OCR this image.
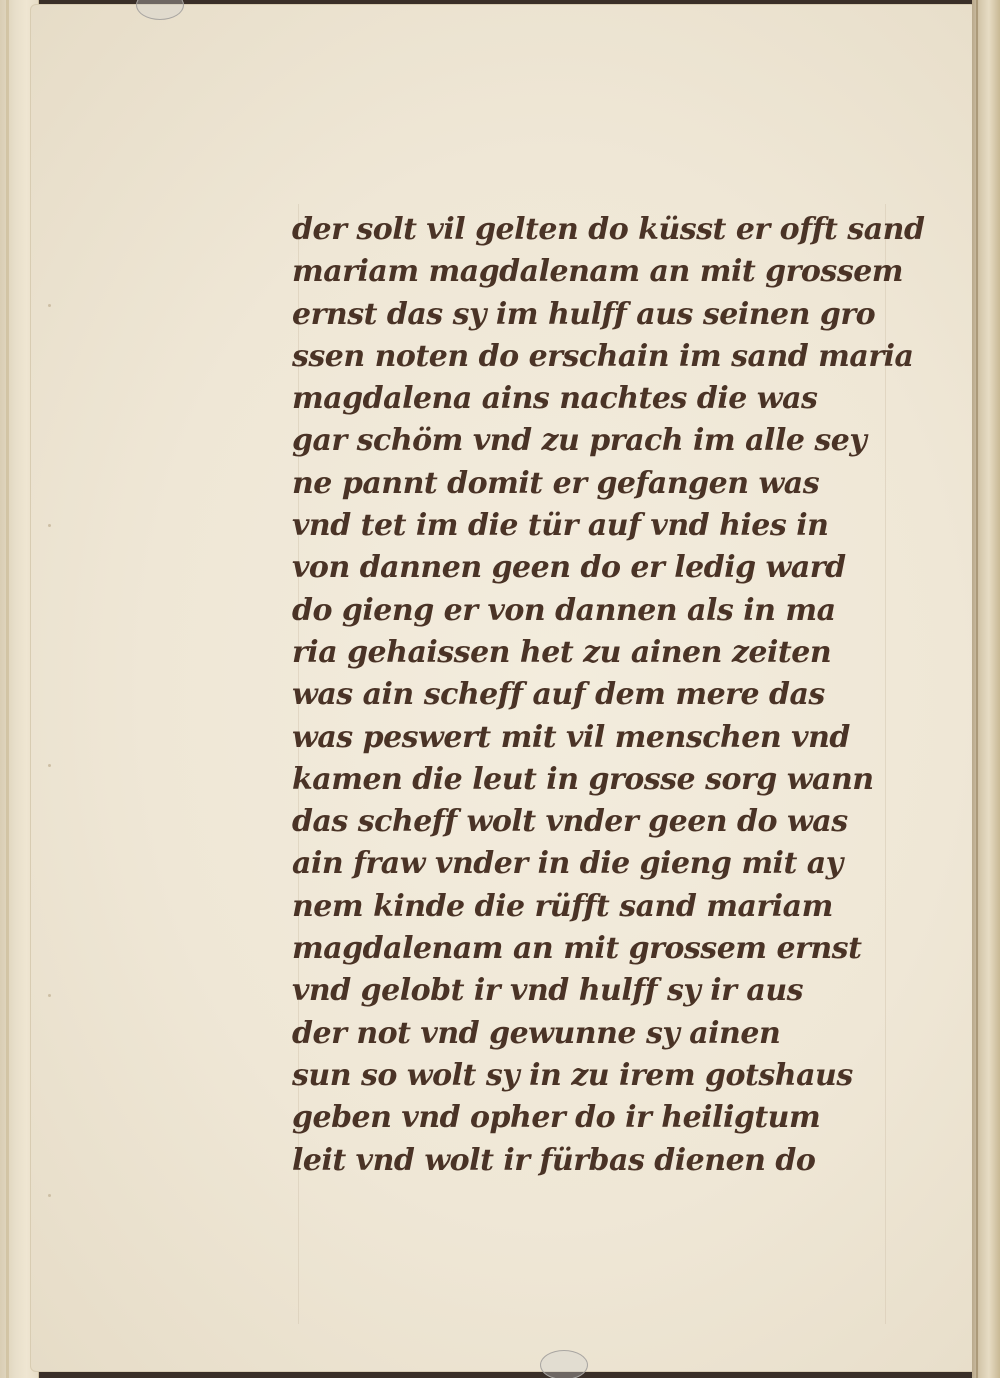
der solt vil gelten do küsst er offt sand
mariam magdalenam an mit grossem
ernst das sy im hulff aus seinen gro
ssen noten do erschain im sand maria
magdalena ains nachtes die was
gar schöm vnd zu prach im alle sey
ne pannt domit er gefangen was
vnd tet im die tür auf vnd hies in
von dannen geen do er ledig ward
do gieng er von dannen als in ma
ria gehaissen het zu ainen zeiten
was ain scheff auf dem mere das
was peswert mit vil menschen vnd
kamen die leut in grosse sorg wann
das scheff wolt vnder geen do was
ain fraw vnder in die gieng mit ay
nem kinde die rüfft sand mariam
magdalenam an mit grossem ernst
vnd gelobt ir vnd hulff sy ir aus
der not vnd gewunne sy ainen
sun so wolt sy in zu irem gotshaus
geben vnd opher do ir heiligtum
leit vnd wolt ir fürbas dienen do
